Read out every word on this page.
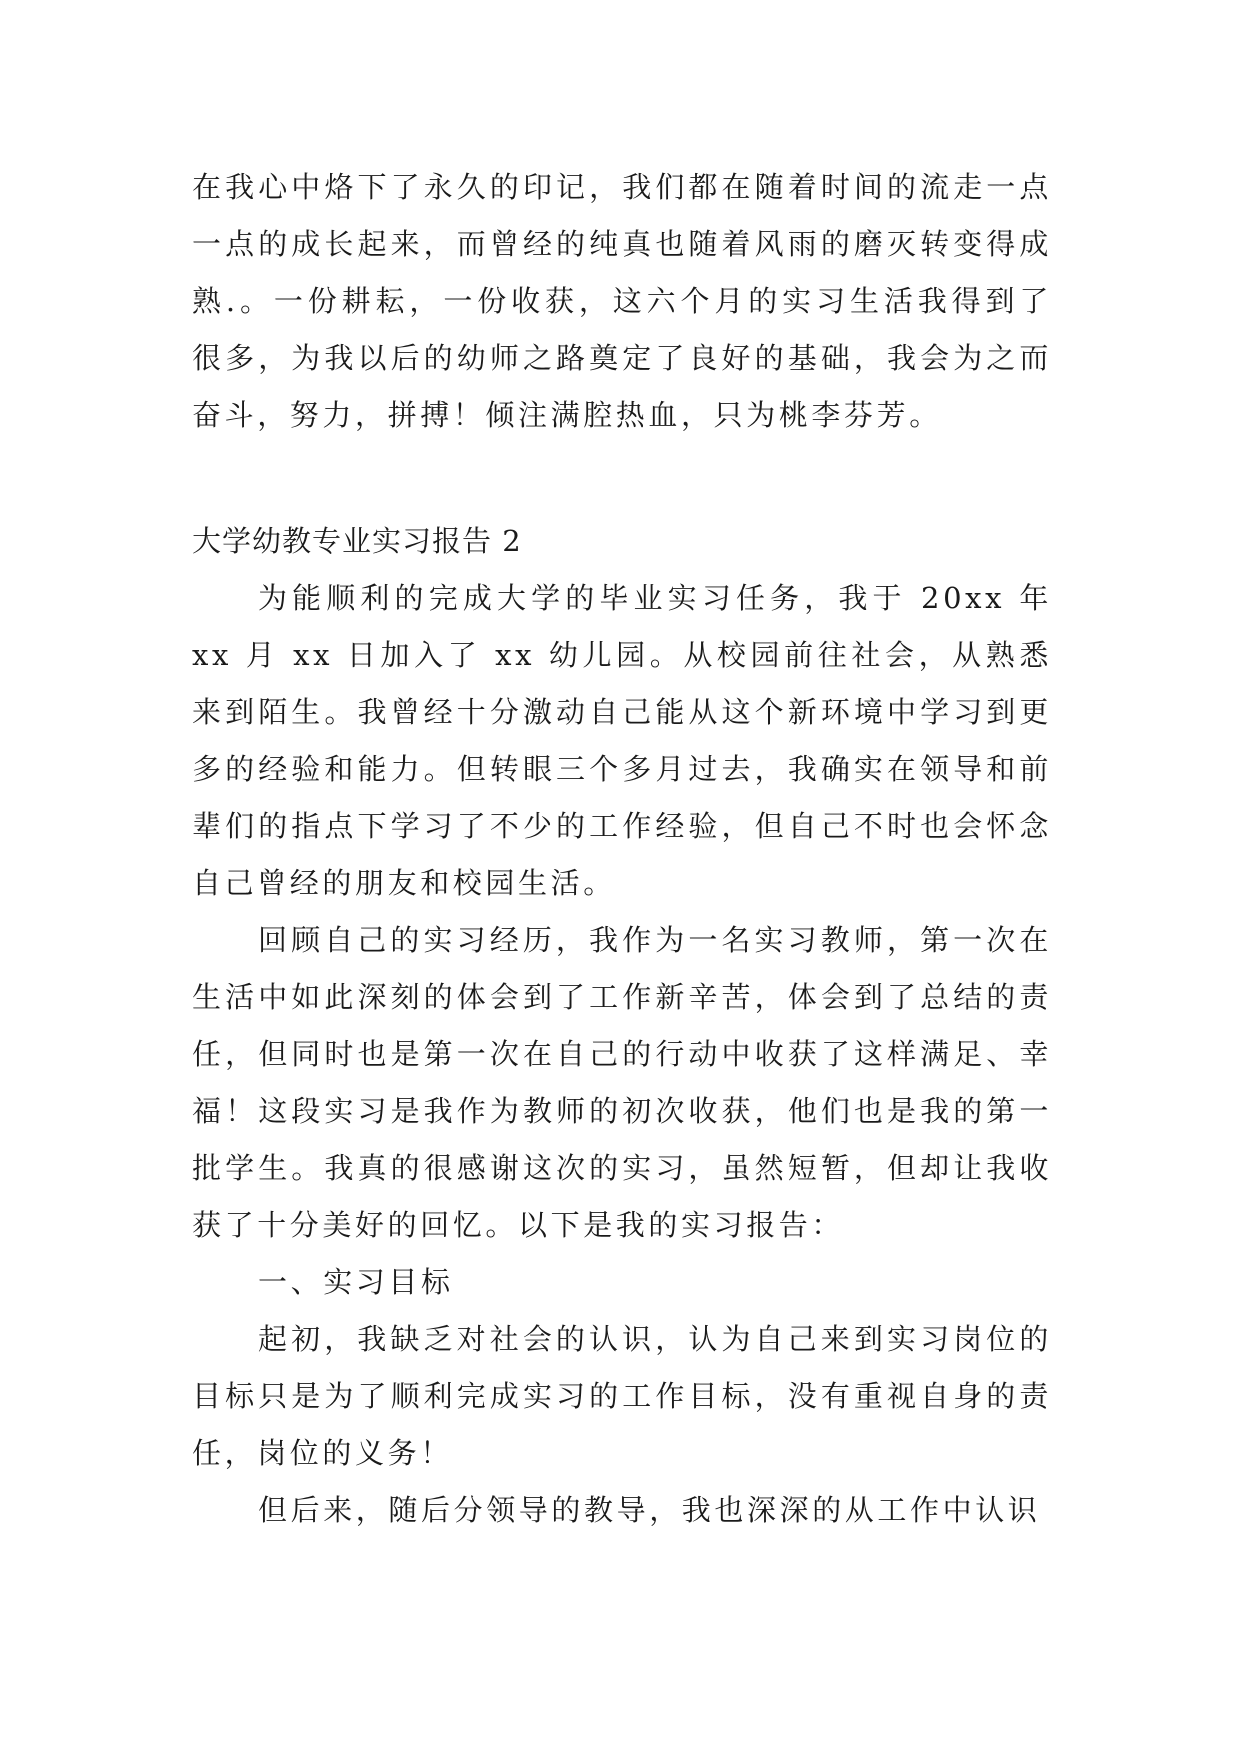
在我心中烙下了永久的印记，我们都在随着时间的流走一点一点的成长起来，而曾经的纯真也随着风雨的磨灭转变得成熟.。一份耕耘，一份收获，这六个月的实习生活我得到了很多，为我以后的幼师之路奠定了良好的基础，我会为之而奋斗，努力，拼搏！倾注满腔热血，只为桃李芬芳。

大学幼教专业实习报告 2

为能顺利的完成大学的毕业实习任务，我于 20xx 年 xx 月 xx 日加入了 xx 幼儿园。从校园前往社会，从熟悉来到陌生。我曾经十分激动自己能从这个新环境中学习到更多的经验和能力。但转眼三个多月过去，我确实在领导和前辈们的指点下学习了不少的工作经验，但自己不时也会怀念自己曾经的朋友和校园生活。

回顾自己的实习经历，我作为一名实习教师，第一次在生活中如此深刻的体会到了工作新辛苦，体会到了总结的责任，但同时也是第一次在自己的行动中收获了这样满足、幸福！这段实习是我作为教师的初次收获，他们也是我的第一批学生。我真的很感谢这次的实习，虽然短暂，但却让我收获了十分美好的回忆。以下是我的实习报告：

一、实习目标

起初，我缺乏对社会的认识，认为自己来到实习岗位的目标只是为了顺利完成实习的工作目标，没有重视自身的责任，岗位的义务！

但后来，随后分领导的教导，我也深深的从工作中认识
